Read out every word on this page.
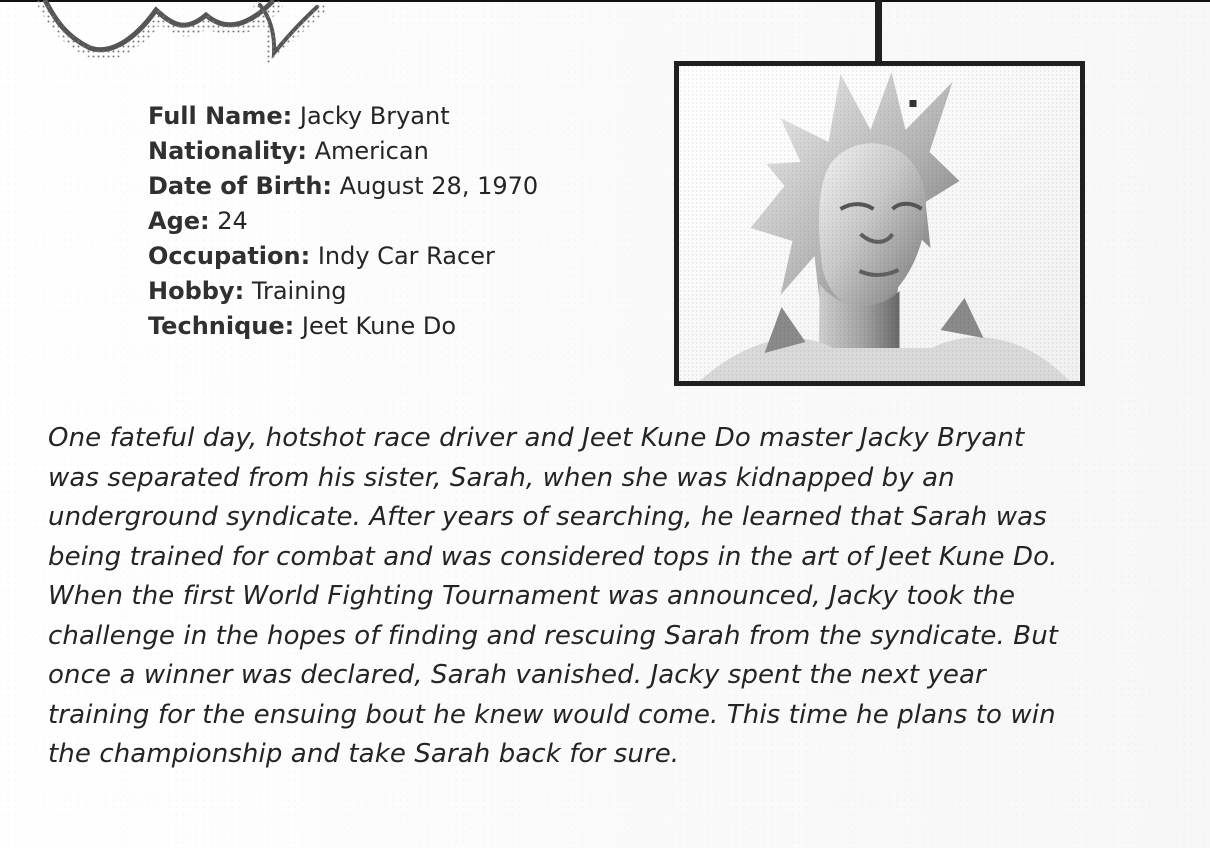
Full Name: Jacky Bryant
Nationality: American
Date of Birth: August 28, 1970
Age: 24
Occupation: Indy Car Racer
Hobby: Training
Technique: Jeet Kune Do
One fateful day, hotshot race driver and Jeet Kune Do master Jacky Bryant
was separated from his sister, Sarah, when she was kidnapped by an
underground syndicate. After years of searching, he learned that Sarah was
being trained for combat and was considered tops in the art of Jeet Kune Do.
When the first World Fighting Tournament was announced, Jacky took the
challenge in the hopes of finding and rescuing Sarah from the syndicate. But
once a winner was declared, Sarah vanished. Jacky spent the next year
training for the ensuing bout he knew would come. This time he plans to win
the championship and take Sarah back for sure.
